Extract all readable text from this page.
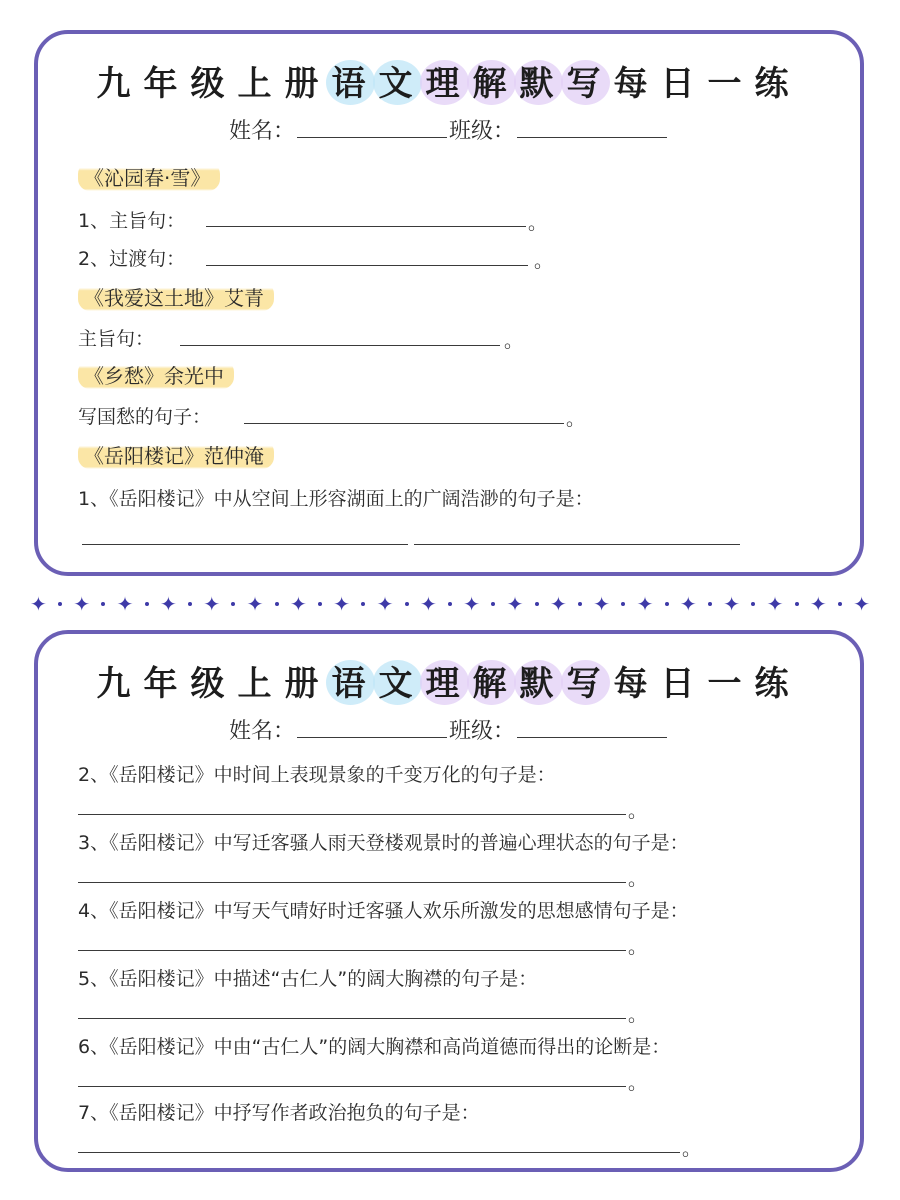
九年级上册
语
文
理
解
默
写每日一练
姓名：	班级：
《沁园春·雪》
1、主旨句：	。
2、过渡句：	。
《我爱这土地》艾青
主旨句：	。
《乡愁》余光中
写国愁的句子：	。
《岳阳楼记》范仲淹
1、《岳阳楼记》中从空间上形容湖面上的广阔浩渺的句子是：
✦ ✦ ✦ ✦ ✦ ✦ ✦ ✦ ✦ ✦ ✦ ✦ ✦ ✦ ✦ ✦ ✦ ✦ ✦ ✦
九年级上册
语
文
理
解
默
写每日一练
姓名：	班级：
2、《岳阳楼记》中时间上表现景象的千变万化的句子是：
。
3、《岳阳楼记》中写迁客骚人雨天登楼观景时的普遍心理状态的句子是：
。
4、《岳阳楼记》中写天气晴好时迁客骚人欢乐所激发的思想感情句子是：
。
5、《岳阳楼记》中描述“古仁人”的阔大胸襟的句子是：
。
6、《岳阳楼记》中由“古仁人”的阔大胸襟和高尚道德而得出的论断是：
。
7、《岳阳楼记》中抒写作者政治抱负的句子是：
。
